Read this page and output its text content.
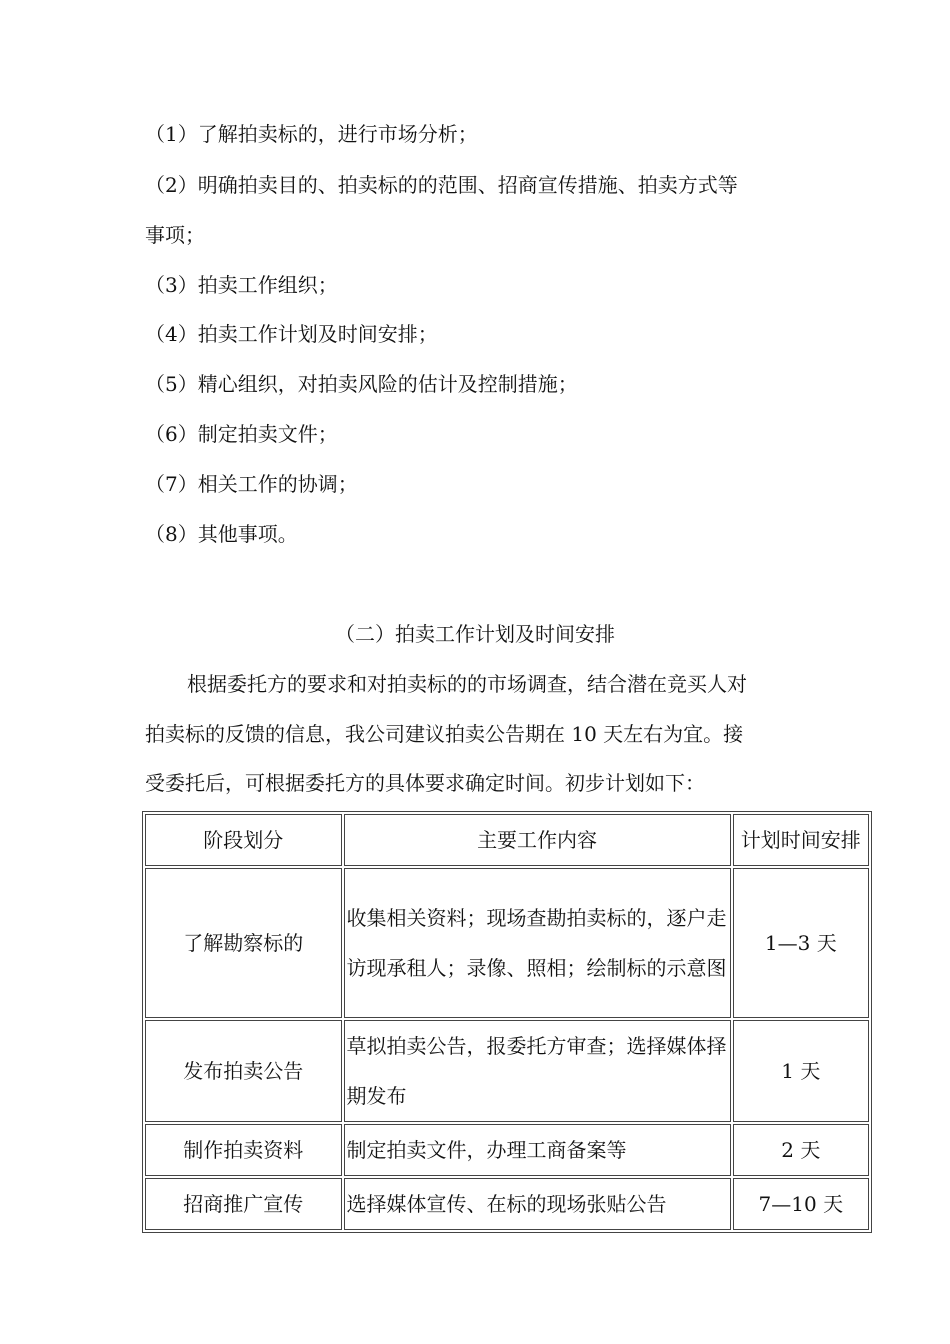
（1）了解拍卖标的，进行市场分析；
（2）明确拍卖目的、拍卖标的的范围、招商宣传措施、拍卖方式等
事项；
（3）拍卖工作组织；
（4）拍卖工作计划及时间安排；
（5）精心组织，对拍卖风险的估计及控制措施；
（6）制定拍卖文件；
（7）相关工作的协调；
（8）其他事项。
（二）拍卖工作计划及时间安排
根据委托方的要求和对拍卖标的的市场调查，结合潜在竞买人对
拍卖标的反馈的信息，我公司建议拍卖公告期在 10 天左右为宜。接
受委托后，可根据委托方的具体要求确定时间。初步计划如下：
阶段划分	主要工作内容	计划时间安排
了解勘察标的	收集相关资料；现场查勘拍卖标的，逐户走访现承租人；录像、照相；绘制标的示意图	1—3 天
发布拍卖公告	草拟拍卖公告，报委托方审查；选择媒体择期发布	1 天
制作拍卖资料	制定拍卖文件，办理工商备案等	2 天
招商推广宣传	选择媒体宣传、在标的现场张贴公告	7—10 天
